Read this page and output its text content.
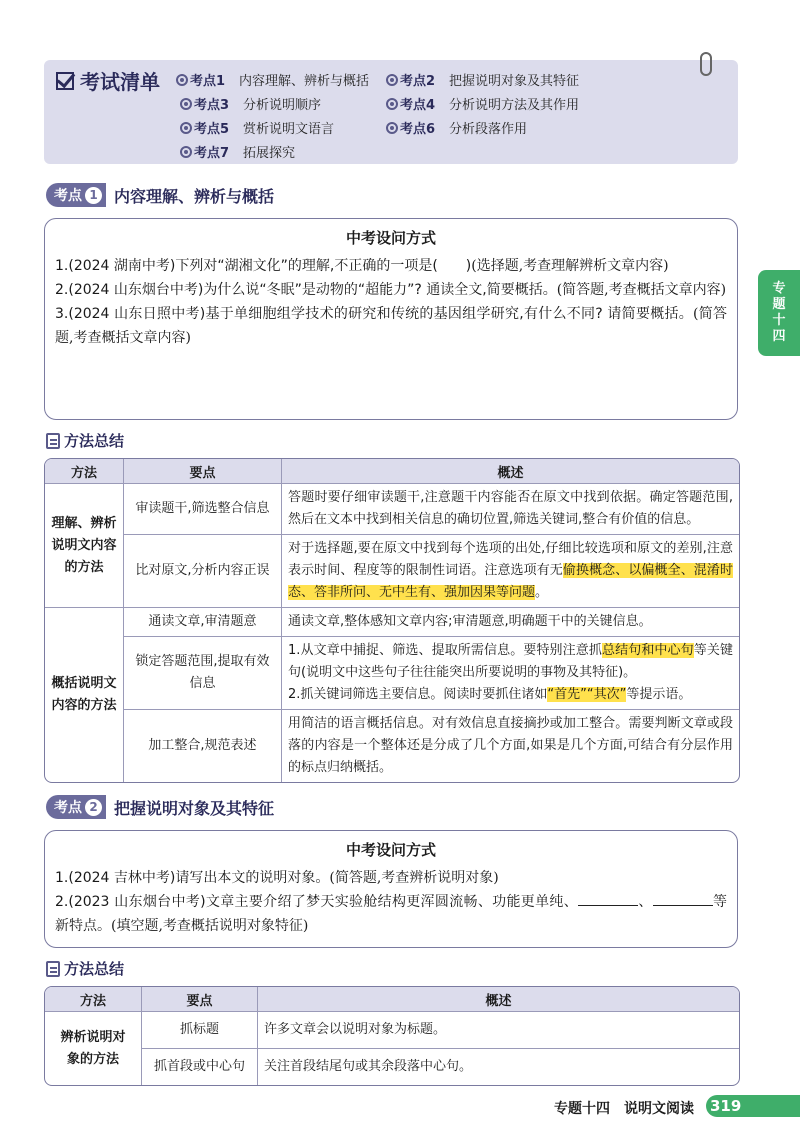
考试清单 考点1 内容理解、辨析与概括 考点2 把握说明对象及其特征
考点3 分析说明顺序	考点4 分析说明方法及其作用
考点5 赏析说明文语言	考点6 分析段落作用
考点7 拓展探究
考点 1 内容理解、辨析与概括
中考设问方式
1.(2024 湖南中考)下列对“湖湘文化”的理解,不正确的一项是(　　)(选择题,考查理解辨析文章内容)
2.(2024 山东烟台中考)为什么说“冬眠”是动物的“超能力”? 通读全文,简要概括。(简答题,考查概括文章内容)
3.(2024 山东日照中考)基于单细胞组学技术的研究和传统的基因组学研究,有什么不同? 请简要概括。(简答题,考查概括文章内容)
方法总结
方法	要点	概述
理解、辨析说明文内容的方法	审读题干,筛选整合信息	答题时要仔细审读题干,注意题干内容能否在原文中找到依据。确定答题范围,然后在文本中找到相关信息的确切位置,筛选关键词,整合有价值的信息。
	比对原文,分析内容正误	对于选择题,要在原文中找到每个选项的出处,仔细比较选项和原文的差别,注意表示时间、程度等的限制性词语。注意选项有无偷换概念、以偏概全、混淆时态、答非所问、无中生有、强加因果等问题。
概括说明文内容的方法	通读文章,审清题意	通读文章,整体感知文章内容;审清题意,明确题干中的关键信息。
	锁定答题范围,提取有效信息	1.从文章中捕捉、筛选、提取所需信息。要特别注意抓总结句和中心句等关键句(说明文中这些句子往往能突出所要说明的事物及其特征)。
2.抓关键词筛选主要信息。阅读时要抓住诸如“首先”“其次”等提示语。

	加工整合,规范表述	用简洁的语言概括信息。对有效信息直接摘抄或加工整合。需要判断文章或段落的内容是一个整体还是分成了几个方面,如果是几个方面,可结合有分层作用的标点归纳概括。
考点 2 把握说明对象及其特征
中考设问方式
1.(2024 吉林中考)请写出本文的说明对象。(简答题,考查辨析说明对象)
2.(2023 山东烟台中考)文章主要介绍了梦天实验舱结构更浑圆流畅、功能更单纯、	、	等新特点。(填空题,考查概括说明对象特征)
方法总结
方法	要点	概述
辨析说明对象的方法	抓标题	许多文章会以说明对象为标题。
	抓首段或中心句	关注首段结尾句或其余段落中心句。
专
题
十
四
专题十四 说明文阅读 319
